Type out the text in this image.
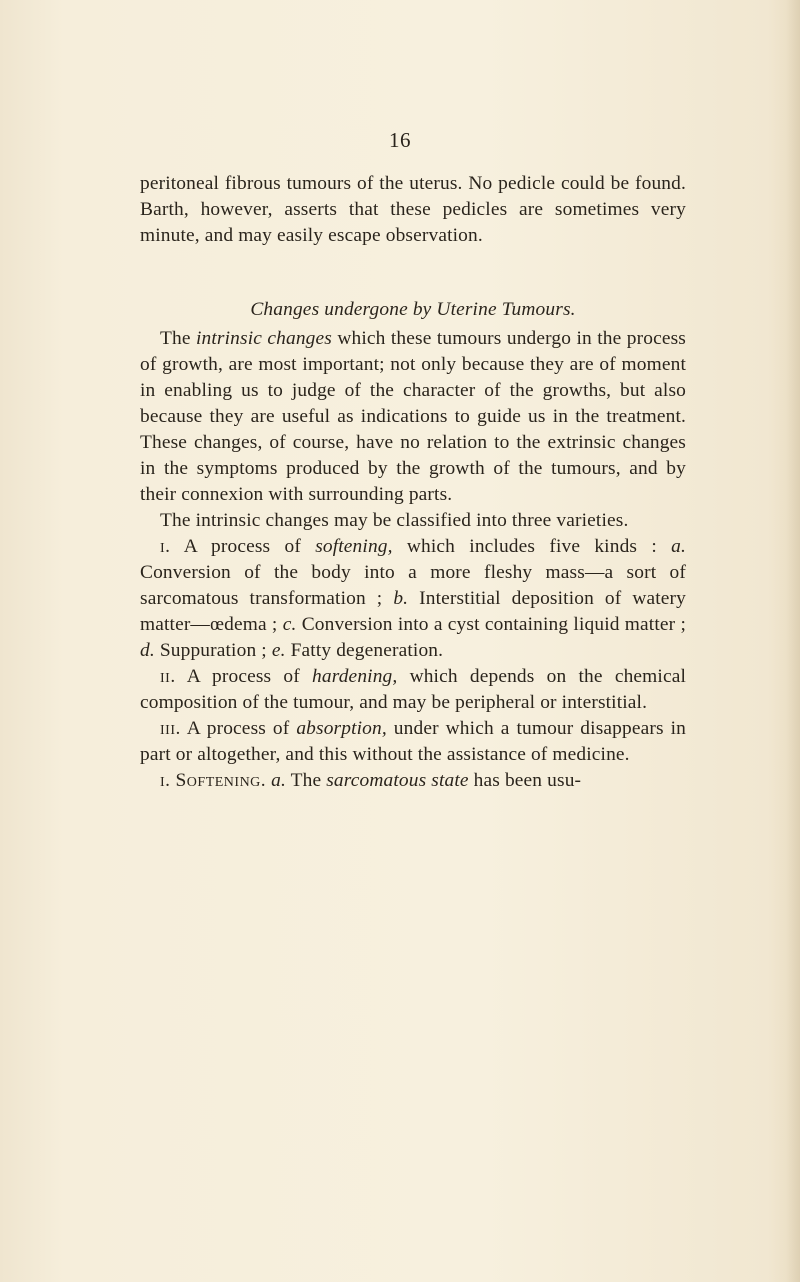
16

peritoneal fibrous tumours of the uterus. No pedicle could be found. Barth, however, asserts that these pedicles are sometimes very minute, and may easily escape observation.

Changes undergone by Uterine Tumours.

The intrinsic changes which these tumours undergo in the process of growth, are most important; not only because they are of moment in enabling us to judge of the character of the growths, but also because they are useful as indications to guide us in the treatment. These changes, of course, have no relation to the extrinsic changes in the symptoms produced by the growth of the tumours, and by their connexion with surrounding parts.

The intrinsic changes may be classified into three varieties.

i. A process of softening, which includes five kinds : a. Conversion of the body into a more fleshy mass—a sort of sarcomatous transformation ; b. Interstitial deposition of watery matter—œdema ; c. Conversion into a cyst containing liquid matter ; d. Suppuration ; e. Fatty degeneration.

ii. A process of hardening, which depends on the chemical composition of the tumour, and may be peripheral or interstitial.

iii. A process of absorption, under which a tumour disappears in part or altogether, and this without the assistance of medicine.

i. Softening. a. The sarcomatous state has been usu-
